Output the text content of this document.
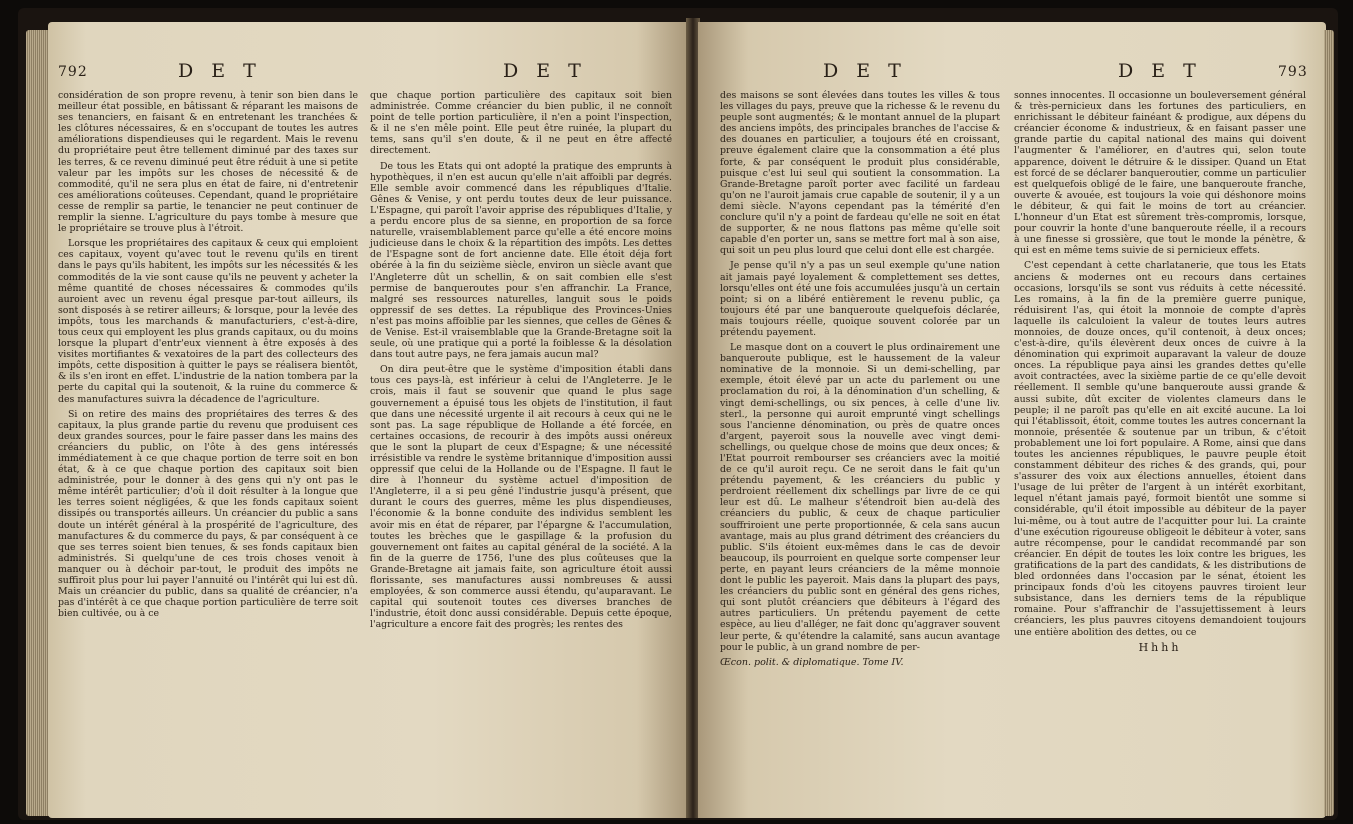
792	D E T	D E T

considération de son propre revenu, à tenir son bien dans le meilleur état possible, en bâtissant & réparant les maisons de ses tenanciers, en faisant & en entretenant les tranchées & les clôtures nécessaires, & en s'occupant de toutes les autres améliorations dispendieuses qui le regardent. Mais le revenu du propriétaire peut être tellement diminué par des taxes sur les terres, & ce revenu diminué peut être réduit à une si petite valeur par les impôts sur les choses de nécessité & de commodité, qu'il ne sera plus en état de faire, ni d'entretenir ces améliorations coûteuses. Cependant, quand le propriétaire cesse de remplir sa partie, le tenancier ne peut continuer de remplir la sienne. L'agriculture du pays tombe à mesure que le propriétaire se trouve plus à l'étroit.

Lorsque les propriétaires des capitaux & ceux qui emploient ces capitaux, voyent qu'avec tout le revenu qu'ils en tirent dans le pays qu'ils habitent, les impôts sur les nécessités & les commodités de la vie sont cause qu'ils ne peuvent y acheter la même quantité de choses nécessaires & commodes qu'ils auroient avec un revenu égal presque par-tout ailleurs, ils sont disposés à se retirer ailleurs; & lorsque, pour la levée des impôts, tous les marchands & manufacturiers, c'est-à-dire, tous ceux qui employent les plus grands capitaux, ou du moins lorsque la plupart d'entr'eux viennent à être exposés à des visites mortifiantes & vexatoires de la part des collecteurs des impôts, cette disposition à quitter le pays se réalisera bientôt, & ils s'en iront en effet. L'industrie de la nation tombera par la perte du capital qui la soutenoit, & la ruine du commerce & des manufactures suivra la décadence de l'agriculture.

Si on retire des mains des propriétaires des terres & des capitaux, la plus grande partie du revenu que produisent ces deux grandes sources, pour le faire passer dans les mains des créanciers du public, on l'ôte à des gens intéressés immédiatement à ce que chaque portion de terre soit en bon état, & à ce que chaque portion des capitaux soit bien administrée, pour le donner à des gens qui n'y ont pas le même intérêt particulier; d'où il doit résulter à la longue que les terres soient négligées, & que les fonds capitaux soient dissipés ou transportés ailleurs. Un créancier du public a sans doute un intérêt général à la prospérité de l'agriculture, des manufactures & du commerce du pays, & par conséquent à ce que ses terres soient bien tenues, & ses fonds capitaux bien administrés. Si quelqu'une de ces trois choses venoit à manquer ou à déchoir par-tout, le produit des impôts ne suffiroit plus pour lui payer l'annuité ou l'intérêt qui lui est dû. Mais un créancier du public, dans sa qualité de créancier, n'a pas d'intérêt à ce que chaque portion particulière de terre soit bien cultivée, ou à ce

que chaque portion particulière des capitaux soit bien administrée. Comme créancier du bien public, il ne connoît point de telle portion particulière, il n'en a point l'inspection, & il ne s'en mêle point. Elle peut être ruinée, la plupart du tems, sans qu'il s'en doute, & il ne peut en être affecté directement.

De tous les Etats qui ont adopté la pratique des emprunts à hypothèques, il n'en est aucun qu'elle n'ait affoibli par degrés. Elle semble avoir commencé dans les républiques d'Italie. Gênes & Venise, y ont perdu toutes deux de leur puissance. L'Espagne, qui paroît l'avoir apprise des républiques d'Italie, y a perdu encore plus de sa sienne, en proportion de sa force naturelle, vraisemblablement parce qu'elle a été encore moins judicieuse dans le choix & la répartition des impôts. Les dettes de l'Espagne sont de fort ancienne date. Elle étoit déja fort obérée à la fin du seizième siècle, environ un siècle avant que l'Angleterre dût un schellin, & on sait combien elle s'est permise de banqueroutes pour s'en affranchir. La France, malgré ses ressources naturelles, languit sous le poids oppressif de ses dettes. La république des Provinces-Unies n'est pas moins affoiblie par les siennes, que celles de Gênes & de Venise. Est-il vraisemblable que la Grande-Bretagne soit la seule, où une pratique qui a porté la foiblesse & la désolation dans tout autre pays, ne fera jamais aucun mal?

On dira peut-être que le système d'imposition établi dans tous ces pays-là, est inférieur à celui de l'Angleterre. Je le crois, mais il faut se souvenir que quand le plus sage gouvernement a épuisé tous les objets de l'institution, il faut que dans une nécessité urgente il ait recours à ceux qui ne le sont pas. La sage république de Hollande a été forcée, en certaines occasions, de recourir à des impôts aussi onéreux que le sont la plupart de ceux d'Espagne; & une nécessité irrésistible va rendre le système britannique d'imposition aussi oppressif que celui de la Hollande ou de l'Espagne. Il faut le dire à l'honneur du système actuel d'imposition de l'Angleterre, il a si peu gêné l'industrie jusqu'à présent, que durant le cours des guerres, même les plus dispendieuses, l'économie & la bonne conduite des individus semblent les avoir mis en état de réparer, par l'épargne & l'accumulation, toutes les brèches que le gaspillage & la profusion du gouvernement ont faites au capital général de la société. A la fin de la guerre de 1756, l'une des plus coûteuses que la Grande-Bretagne ait jamais faite, son agriculture étoit aussi florissante, ses manufactures aussi nombreuses & aussi employées, & son commerce aussi étendu, qu'auparavant. Le capital qui soutenoit toutes ces diverses branches de l'industrie, étoit donc aussi considérable. Depuis cette époque, l'agriculture a encore fait des progrès; les rentes des

D E T	D E T	793

des maisons se sont élevées dans toutes les villes & tous les villages du pays, preuve que la richesse & le revenu du peuple sont augmentés; & le montant annuel de la plupart des anciens impôts, des principales branches de l'accise & des douanes en particulier, a toujours été en croissant, preuve également claire que la consommation a été plus forte, & par conséquent le produit plus considérable, puisque c'est lui seul qui soutient la consommation. La Grande-Bretagne paroît porter avec facilité un fardeau qu'on ne l'auroit jamais crue capable de soutenir, il y a un demi siècle. N'ayons cependant pas la témérité d'en conclure qu'il n'y a point de fardeau qu'elle ne soit en état de supporter, & ne nous flattons pas même qu'elle soit capable d'en porter un, sans se mettre fort mal à son aise, qui soit un peu plus lourd que celui dont elle est chargée.

Je pense qu'il n'y a pas un seul exemple qu'une nation ait jamais payé loyalement & complettement ses dettes, lorsqu'elles ont été une fois accumulées jusqu'à un certain point; si on a libéré entièrement le revenu public, ça toujours été par une banqueroute quelquefois déclarée, mais toujours réelle, quoique souvent colorée par un prétendu payement.

Le masque dont on a couvert le plus ordinairement une banqueroute publique, est le haussement de la valeur nominative de la monnoie. Si un demi-schelling, par exemple, étoit élevé par un acte du parlement ou une proclamation du roi, à la dénomination d'un schelling, & vingt demi-schellings, ou six pences, à celle d'une liv. sterl., la personne qui auroit emprunté vingt schellings sous l'ancienne dénomination, ou près de quatre onces d'argent, payeroit sous la nouvelle avec vingt demi-schellings, ou quelque chose de moins que deux onces; & l'Etat pourroit rembourser ses créanciers avec la moitié de ce qu'il auroit reçu. Ce ne seroit dans le fait qu'un prétendu payement, & les créanciers du public y perdroient réellement dix schellings par livre de ce qui leur est dû. Le malheur s'étendroit bien au-delà des créanciers du public, & ceux de chaque particulier souffriroient une perte proportionnée, & cela sans aucun avantage, mais au plus grand détriment des créanciers du public. S'ils étoient eux-mêmes dans le cas de devoir beaucoup, ils pourroient en quelque sorte compenser leur perte, en payant leurs créanciers de la même monnoie dont le public les payeroit. Mais dans la plupart des pays, les créanciers du public sont en général des gens riches, qui sont plutôt créanciers que débiteurs à l'égard des autres particuliers. Un prétendu payement de cette espèce, au lieu d'alléger, ne fait donc qu'aggraver souvent leur perte, & qu'étendre la calamité, sans aucun avantage pour le public, à un grand nombre de per-

Œcon. polit. & diplomatique. Tome IV.

sonnes innocentes. Il occasionne un bouleversement général & très-pernicieux dans les fortunes des particuliers, en enrichissant le débiteur fainéant & prodigue, aux dépens du créancier économe & industrieux, & en faisant passer une grande partie du capital national des mains qui doivent l'augmenter & l'améliorer, en d'autres qui, selon toute apparence, doivent le détruire & le dissiper. Quand un Etat est forcé de se déclarer banqueroutier, comme un particulier est quelquefois obligé de le faire, une banqueroute franche, ouverte & avouée, est toujours la voie qui déshonore moins le débiteur, & qui fait le moins de tort au créancier. L'honneur d'un Etat est sûrement très-compromis, lorsque, pour couvrir la honte d'une banqueroute réelle, il a recours à une finesse si grossière, que tout le monde la pénètre, & qui est en même tems suivie de si pernicieux effets.

C'est cependant à cette charlatanerie, que tous les Etats anciens & modernes ont eu recours dans certaines occasions, lorsqu'ils se sont vus réduits à cette nécessité. Les romains, à la fin de la première guerre punique, réduisirent l'as, qui étoit la monnoie de compte d'après laquelle ils calculoient la valeur de toutes leurs autres monnoies, de douze onces, qu'il contenoit, à deux onces; c'est-à-dire, qu'ils élevèrent deux onces de cuivre à la dénomination qui exprimoit auparavant la valeur de douze onces. La république paya ainsi les grandes dettes qu'elle avoit contractées, avec la sixième partie de ce qu'elle devoit réellement. Il semble qu'une banqueroute aussi grande & aussi subite, dût exciter de violentes clameurs dans le peuple; il ne paroît pas qu'elle en ait excité aucune. La loi qui l'établissoit, étoit, comme toutes les autres concernant la monnoie, présentée & soutenue par un tribun, & c'étoit probablement une loi fort populaire. A Rome, ainsi que dans toutes les anciennes républiques, le pauvre peuple étoit constamment débiteur des riches & des grands, qui, pour s'assurer des voix aux élections annuelles, étoient dans l'usage de lui prêter de l'argent à un intérêt exorbitant, lequel n'étant jamais payé, formoit bientôt une somme si considérable, qu'il étoit impossible au débiteur de la payer lui-même, ou à tout autre de l'acquitter pour lui. La crainte d'une exécution rigoureuse obligeoit le débiteur à voter, sans autre récompense, pour le candidat recommandé par son créancier. En dépit de toutes les loix contre les brigues, les gratifications de la part des candidats, & les distributions de bled ordonnées dans l'occasion par le sénat, étoient les principaux fonds d'où les citoyens pauvres tiroient leur subsistance, dans les derniers tems de la république romaine. Pour s'affranchir de l'assujettissement à leurs créanciers, les plus pauvres citoyens demandoient toujours une entière abolition des dettes, ou ce

Hhhh
